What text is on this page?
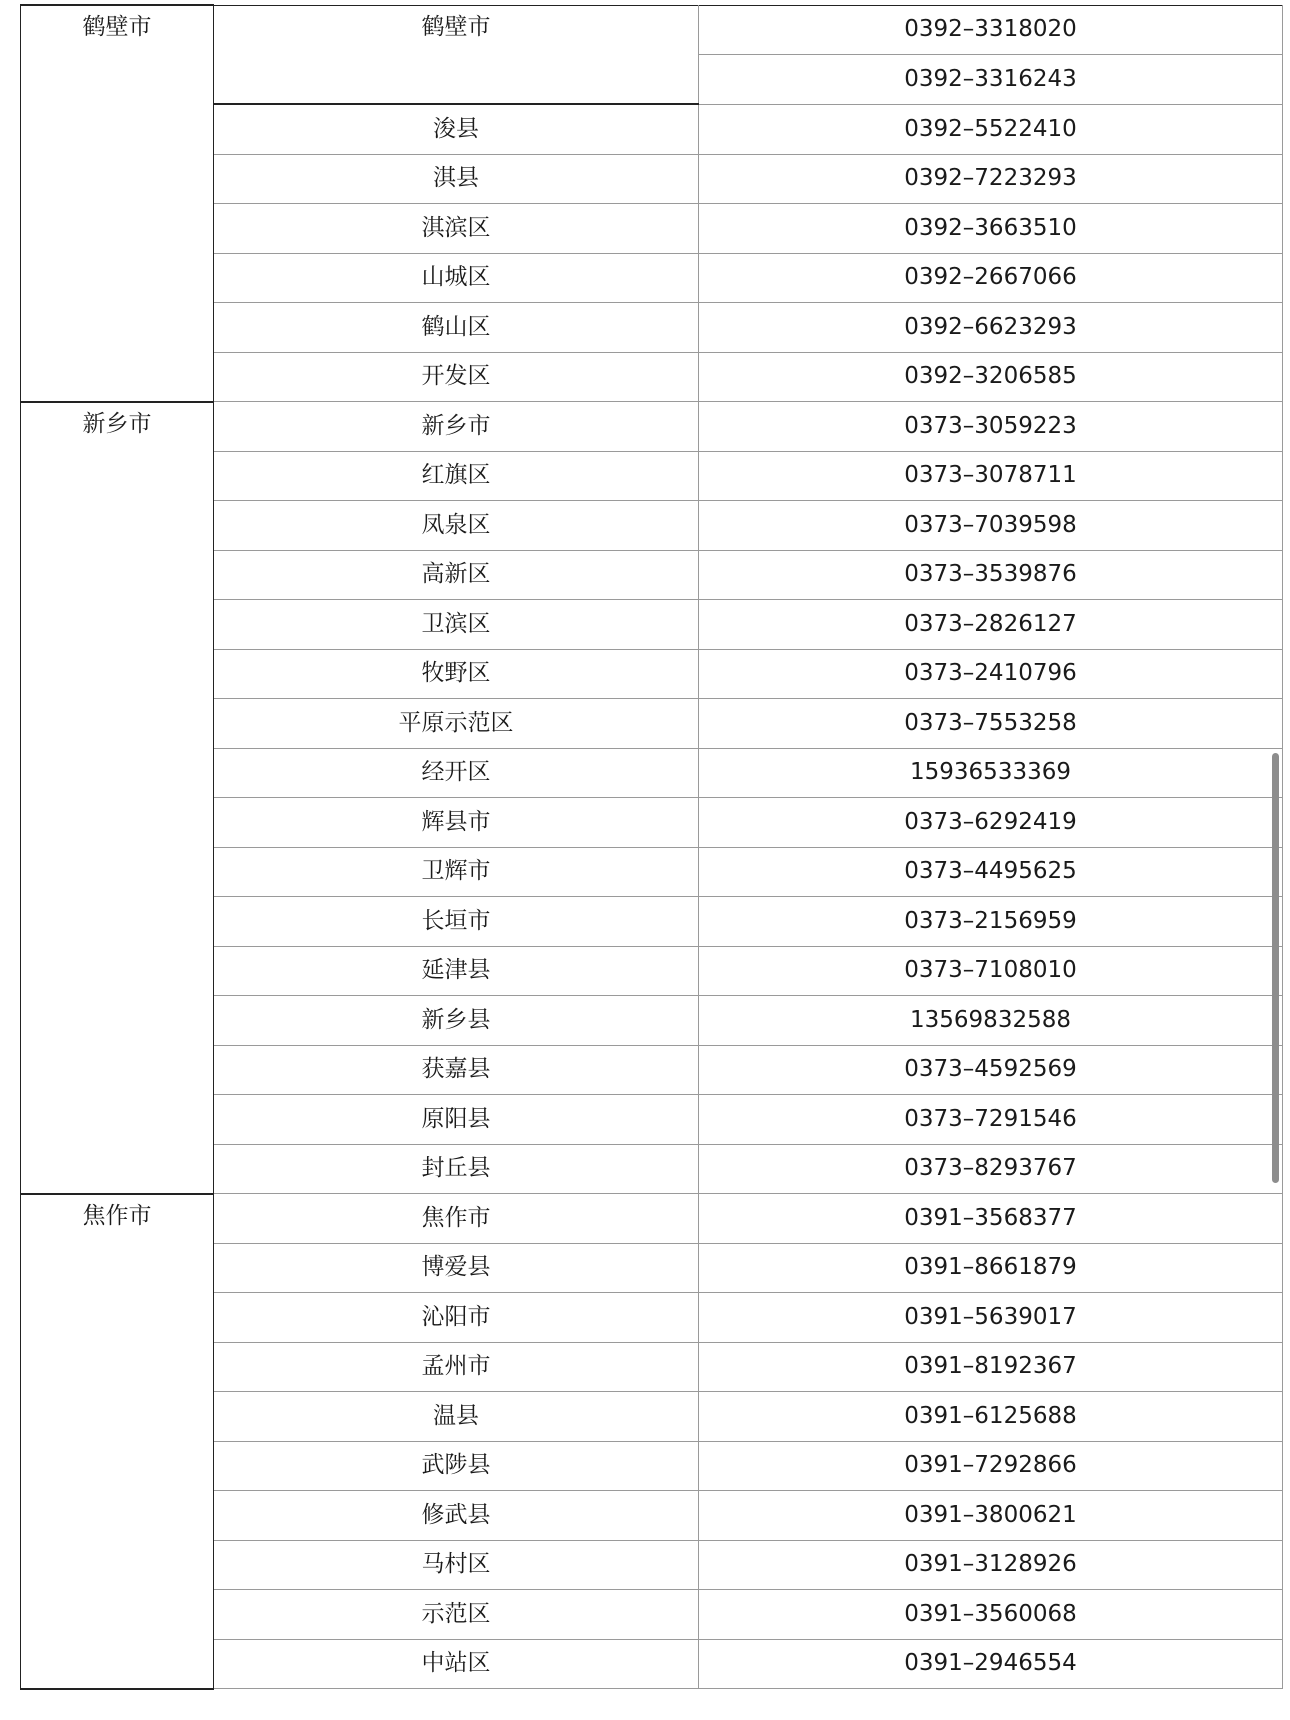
鹤壁市	鹤壁市	0392–3318020
		0392–3316243
	浚县	0392–5522410
	淇县	0392–7223293
	淇滨区	0392–3663510
	山城区	0392–2667066
	鹤山区	0392–6623293
	开发区	0392–3206585
新乡市	新乡市	0373–3059223
	红旗区	0373–3078711
	凤泉区	0373–7039598
	高新区	0373–3539876
	卫滨区	0373–2826127
	牧野区	0373–2410796
	平原示范区	0373–7553258
	经开区	15936533369
	辉县市	0373–6292419
	卫辉市	0373–4495625
	长垣市	0373–2156959
	延津县	0373–7108010
	新乡县	13569832588
	获嘉县	0373–4592569
	原阳县	0373–7291546
	封丘县	0373–8293767
焦作市	焦作市	0391–3568377
	博爱县	0391–8661879
	沁阳市	0391–5639017
	孟州市	0391–8192367
	温县	0391–6125688
	武陟县	0391–7292866
	修武县	0391–3800621
	马村区	0391–3128926
	示范区	0391–3560068
	中站区	0391–2946554
